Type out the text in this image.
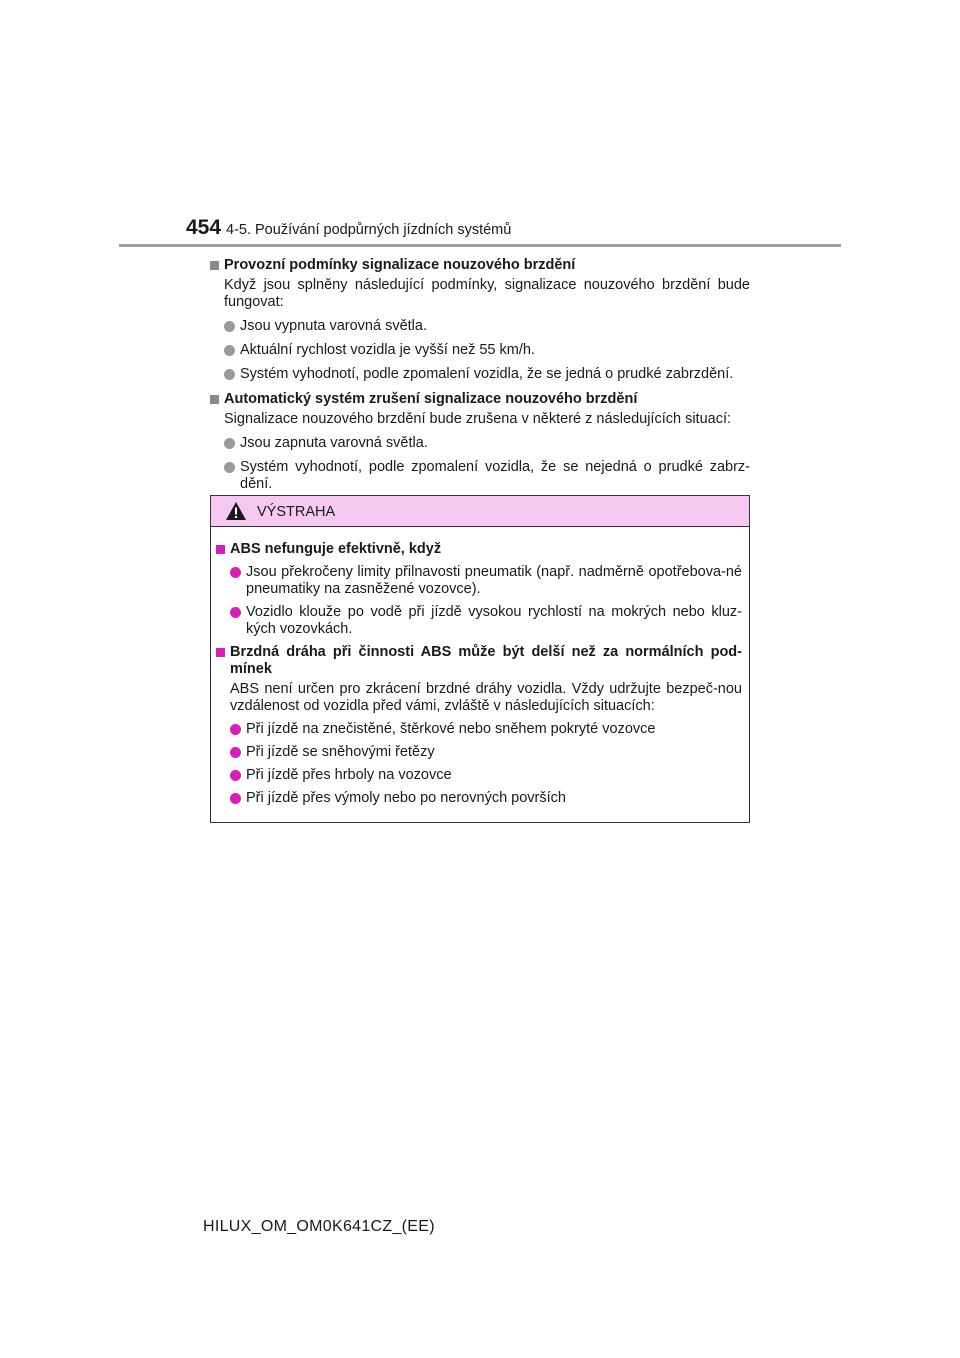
454 4-5. Používání podpůrných jízdních systémů
Provozní podmínky signalizace nouzového brzdění
Když jsou splněny následující podmínky, signalizace nouzového brzdění bude fungovat:
Jsou vypnuta varovná světla.
Aktuální rychlost vozidla je vyšší než 55 km/h.
Systém vyhodnotí, podle zpomalení vozidla, že se jedná o prudké zabrzdění.
Automatický systém zrušení signalizace nouzového brzdění
Signalizace nouzového brzdění bude zrušena v některé z následujících situací:
Jsou zapnuta varovná světla.
Systém vyhodnotí, podle zpomalení vozidla, že se nejedná o prudké zabrz-dění.
VÝSTRAHA
ABS nefunguje efektivně, když
Jsou překročeny limity přilnavosti pneumatik (např. nadměrně opotřebova-né pneumatiky na zasněžené vozovce).
Vozidlo klouže po vodě při jízdě vysokou rychlostí na mokrých nebo kluz-kých vozovkách.
Brzdná dráha při činnosti ABS může být delší než za normálních pod-mínek
ABS není určen pro zkrácení brzdné dráhy vozidla. Vždy udržujte bezpeč-nou vzdálenost od vozidla před vámi, zvláště v následujících situacích:
Při jízdě na znečistěné, štěrkové nebo sněhem pokryté vozovce
Při jízdě se sněhovými řetězy
Při jízdě přes hrboly na vozovce
Při jízdě přes výmoly nebo po nerovných površích
HILUX_OM_OM0K641CZ_(EE)
